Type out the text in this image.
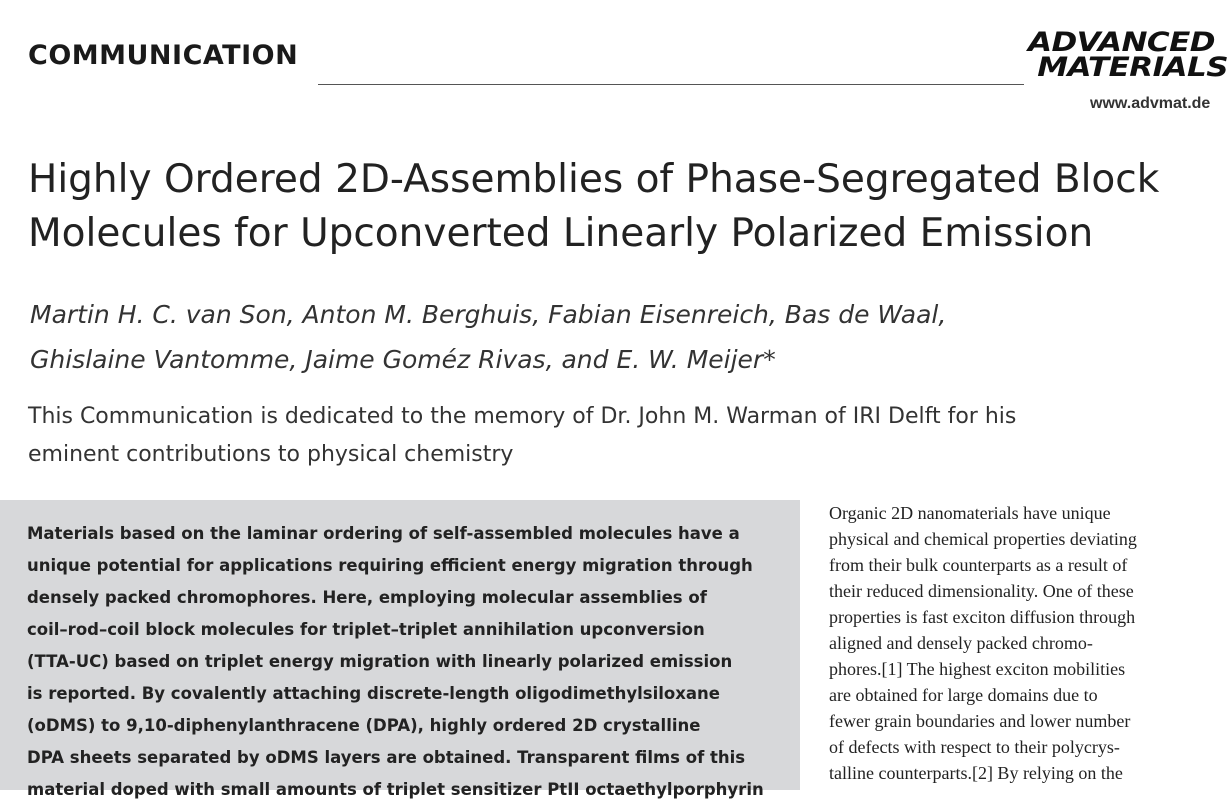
COMMUNICATION	ADVANCED
MATERIALS
www.advmat.de
Highly Ordered 2D-Assemblies of Phase-Segregated Block
Molecules for Upconverted Linearly Polarized Emission
Martin H. C. van Son, Anton M. Berghuis, Fabian Eisenreich, Bas de Waal,
Ghislaine Vantomme, Jaime Goméz Rivas, and E. W. Meijer*
This Communication is dedicated to the memory of Dr. John M. Warman of IRI Delft for his
eminent contributions to physical chemistry
Materials based on the laminar ordering of self-assembled molecules have a
unique potential for applications requiring efficient energy migration through
densely packed chromophores. Here, employing molecular assemblies of
coil–rod–coil block molecules for triplet–triplet annihilation upconversion
(TTA-UC) based on triplet energy migration with linearly polarized emission
is reported. By covalently attaching discrete-length oligodimethylsiloxane
(oDMS) to 9,10-diphenylanthracene (DPA), highly ordered 2D crystalline
DPA sheets separated by oDMS layers are obtained. Transparent films of this
material doped with small amounts of triplet sensitizer PtII octaethylporphyrin
Organic 2D nanomaterials have unique
physical and chemical properties deviating
from their bulk counterparts as a result of
their reduced dimensionality. One of these
properties is fast exciton diffusion through
aligned and densely packed chromo-
phores.[1] The highest exciton mobilities
are obtained for large domains due to
fewer grain boundaries and lower number
of defects with respect to their polycrys-
talline counterparts.[2] By relying on the
